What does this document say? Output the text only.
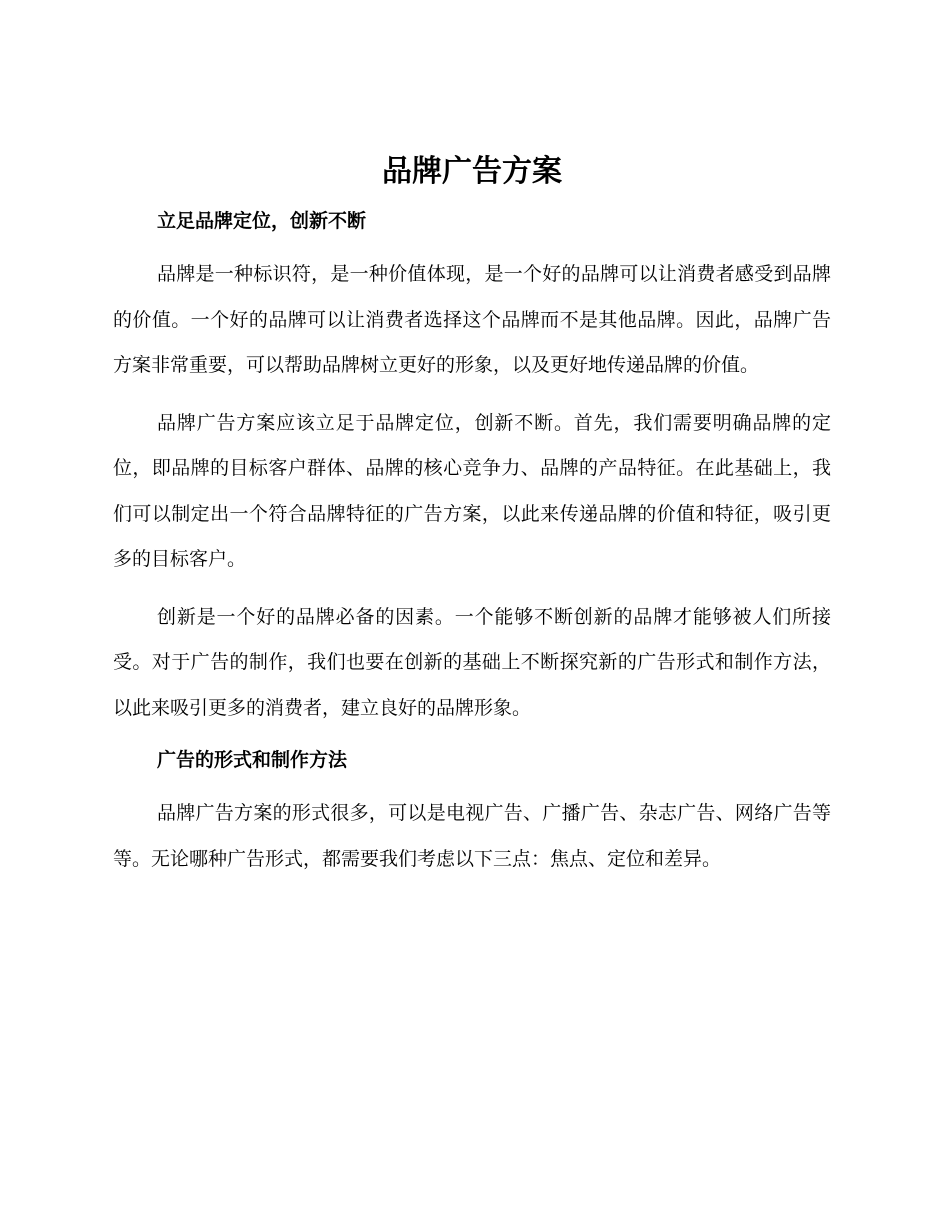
品牌广告方案
立足品牌定位，创新不断

品牌是一种标识符，是一种价值体现，是一个好的品牌可以让消费者感受到品牌的价值。一个好的品牌可以让消费者选择这个品牌而不是其他品牌。因此，品牌广告方案非常重要，可以帮助品牌树立更好的形象，以及更好地传递品牌的价值。

品牌广告方案应该立足于品牌定位，创新不断。首先，我们需要明确品牌的定位，即品牌的目标客户群体、品牌的核心竞争力、品牌的产品特征。在此基础上，我们可以制定出一个符合品牌特征的广告方案，以此来传递品牌的价值和特征，吸引更多的目标客户。

创新是一个好的品牌必备的因素。一个能够不断创新的品牌才能够被人们所接受。对于广告的制作，我们也要在创新的基础上不断探究新的广告形式和制作方法，以此来吸引更多的消费者，建立良好的品牌形象。

广告的形式和制作方法

品牌广告方案的形式很多，可以是电视广告、广播广告、杂志广告、网络广告等等。无论哪种广告形式，都需要我们考虑以下三点：焦点、定位和差异。
